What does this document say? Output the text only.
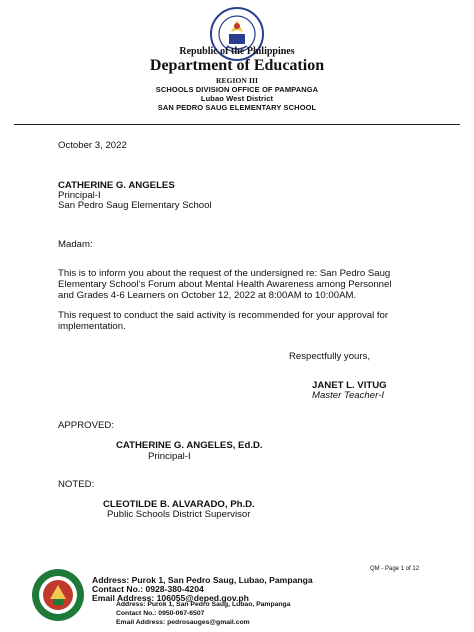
Republic of the Philippines
Department of Education
REGION III
SCHOOLS DIVISION OFFICE OF PAMPANGA
Lubao West District
SAN PEDRO SAUG ELEMENTARY SCHOOL
October 3, 2022
CATHERINE G. ANGELES
Principal-I
San Pedro Saug Elementary School
Madam:
This is to inform you about the request of the undersigned re: San Pedro Saug
Elementary School’s Forum about Mental Health Awareness among Personnel
and Grades 4-6 Learners on October 12, 2022 at 8:00AM to 10:00AM.
This request to conduct the said activity is recommended for your approval for
implementation.
Respectfully yours,
JANET L. VITUG
Master Teacher-I
APPROVED:
CATHERINE G. ANGELES, Ed.D.
Principal-I
NOTED:
CLEOTILDE B. ALVARADO, Ph.D.
Public Schools District Supervisor
QM - Page 1 of 12
Address: Purok 1, San Pedro Saug, Lubao, Pampanga
Contact No.: 0928-380-4204
Email Address: 106055@deped.gov.ph
Address: Purok 1, San Pedro Saug, Lubao, Pampanga
Contact No.: 0950-067-6507
Email Address: pedrosauges@gmail.com
